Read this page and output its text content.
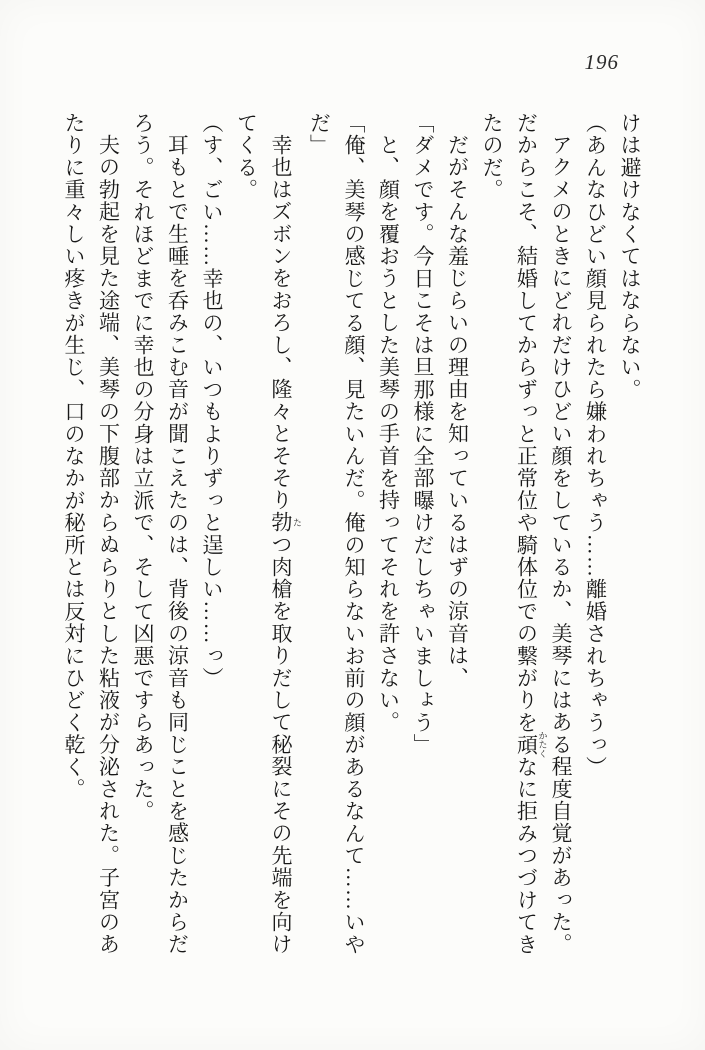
196

けは避けなくてはならない。

（あんなひどい顔見られたら嫌われちゃう……離婚されちゃうっ）

アクメのときにどれだけひどい顔をしているか、美琴にはある程度自覚があった。だからこそ、結婚してからずっと正常位や騎体位での繋がりを頑 かたくなに拒みつづけてきたのだ。

だがそんな羞じらいの理由を知っているはずの涼音は、

「ダメです。今日こそは旦那様に全部曝けだしちゃいましょう」

と、顔を覆おうとした美琴の手首を持ってそれを許さない。

「俺、美琴の感じてる顔、見たいんだ。俺の知らないお前の顔があるなんて……いやだ」

幸也はズボンをおろし、隆々とそそり勃 たつ肉槍を取りだして秘裂にその先端を向けてくる。

（す、ごい……幸也の、いつもよりずっと逞しい……っ）

耳もとで生唾を呑みこむ音が聞こえたのは、背後の涼音も同じことを感じたからだろう。それほどまでに幸也の分身は立派で、そして凶悪ですらあった。

夫の勃起を見た途端、美琴の下腹部からぬらりとした粘液が分泌された。子宮のあたりに重々しい疼きが生じ、口のなかが秘所とは反対にひどく乾く。
